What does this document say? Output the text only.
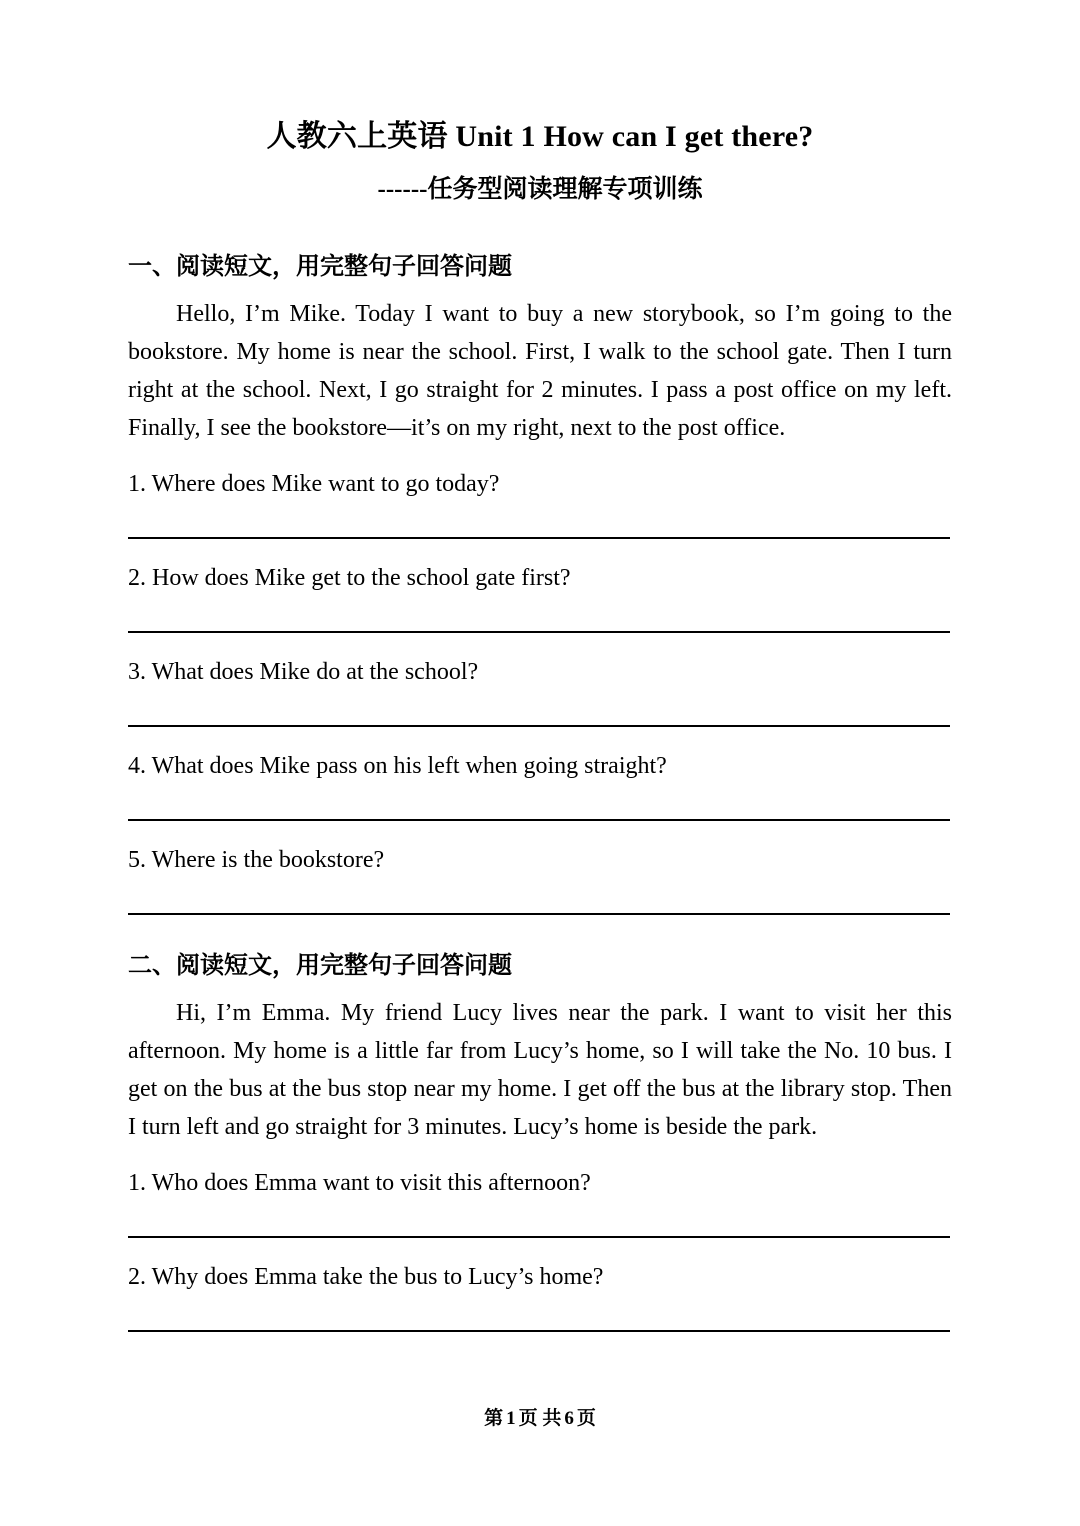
人教六上英语 Unit 1 How can I get there?
------任务型阅读理解专项训练
一、阅读短文，用完整句子回答问题

Hello, I’m Mike. Today I want to buy a new storybook, so I’m going to the bookstore. My home is near the school. First, I walk to the school gate. Then I turn right at the school. Next, I go straight for 2 minutes. I pass a post office on my left. Finally, I see the bookstore—it’s on my right, next to the post office.

1. Where does Mike want to go today?

2. How does Mike get to the school gate first?

3. What does Mike do at the school?

4. What does Mike pass on his left when going straight?

5. Where is the bookstore?

二、阅读短文，用完整句子回答问题

Hi, I’m Emma. My friend Lucy lives near the park. I want to visit her this afternoon. My home is a little far from Lucy’s home, so I will take the No. 10 bus. I get on the bus at the bus stop near my home. I get off the bus at the library stop. Then I turn left and go straight for 3 minutes. Lucy’s home is beside the park.

1. Who does Emma want to visit this afternoon?

2. Why does Emma take the bus to Lucy’s home?

第 1 页 共 6 页
